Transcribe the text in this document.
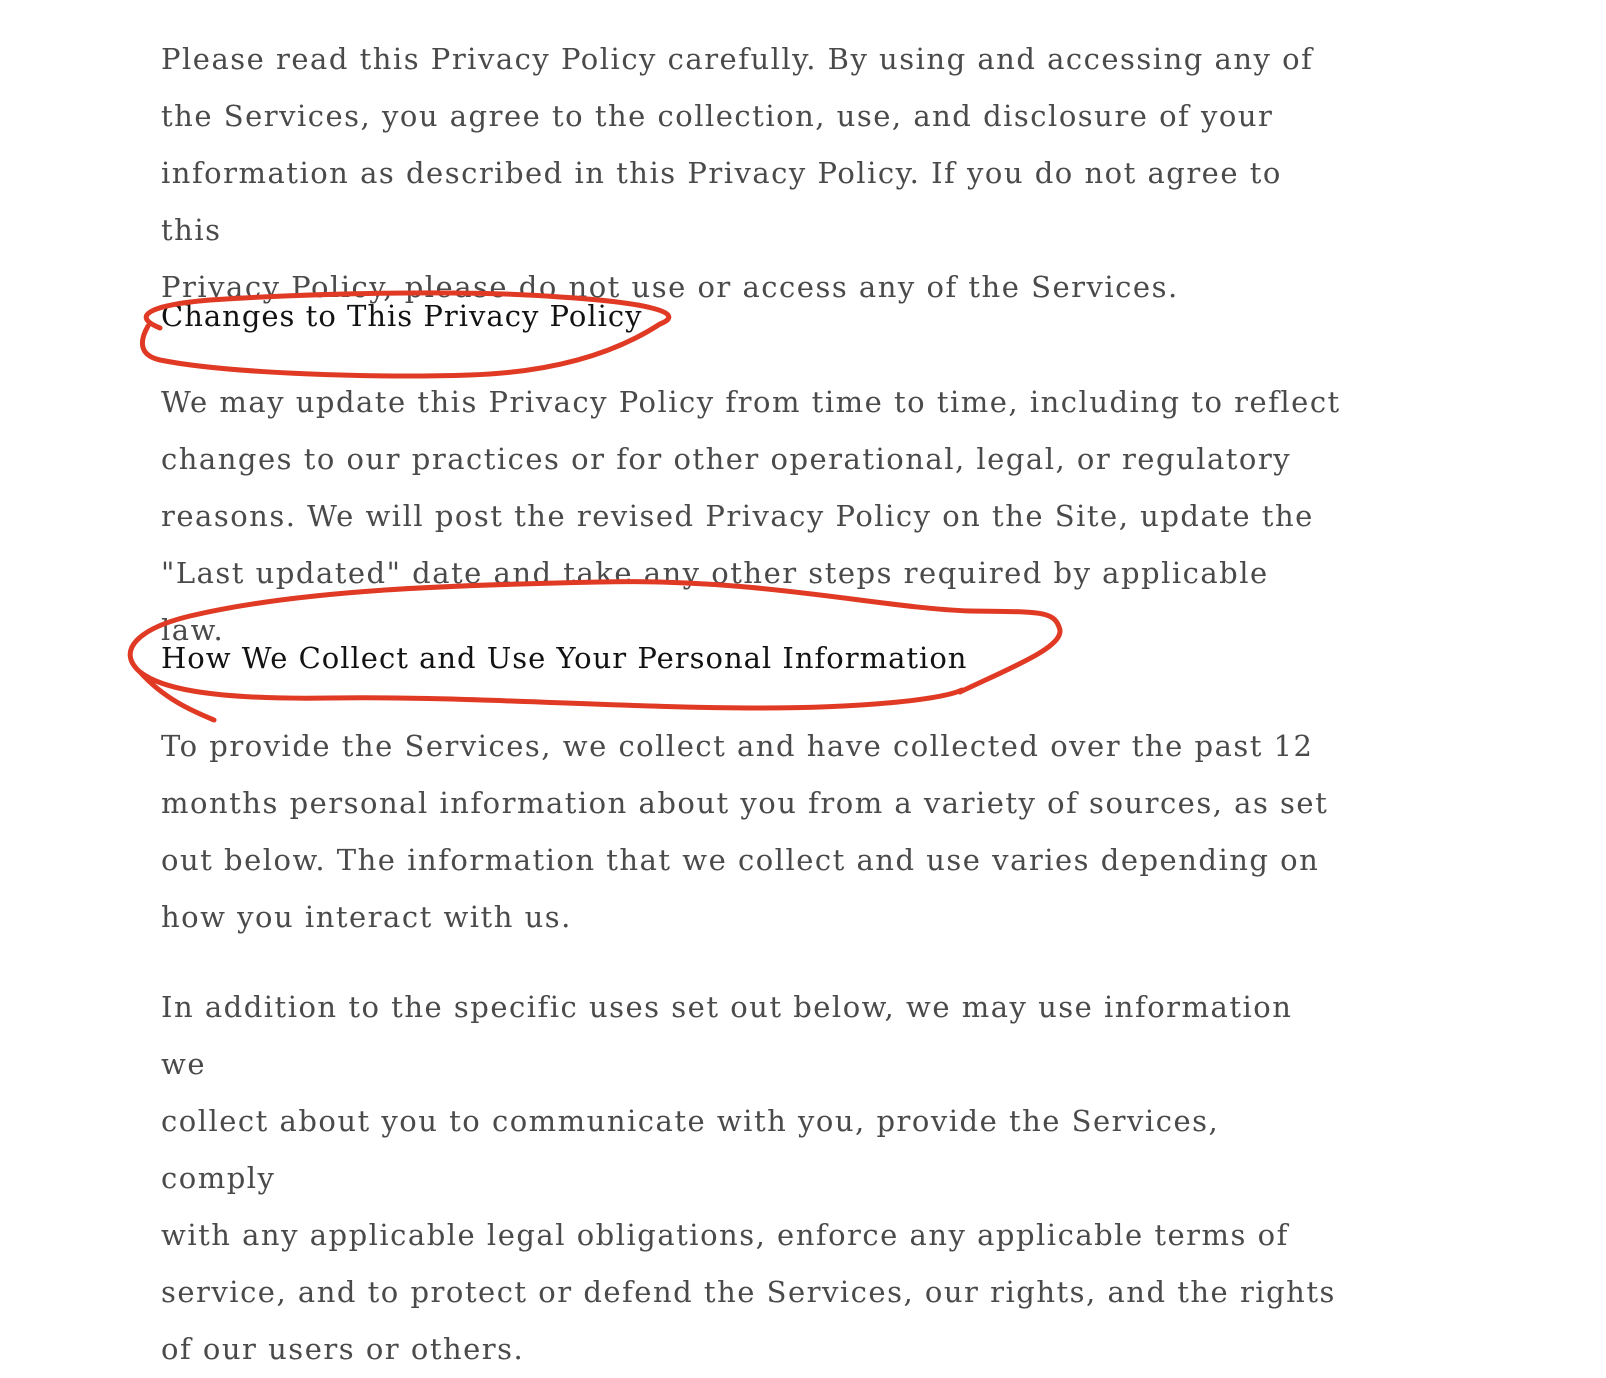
Please read this Privacy Policy carefully. By using and accessing any of
the Services, you agree to the collection, use, and disclosure of your
information as described in this Privacy Policy. If you do not agree to this
Privacy Policy, please do not use or access any of the Services.

Changes to This Privacy Policy

We may update this Privacy Policy from time to time, including to reflect
changes to our practices or for other operational, legal, or regulatory
reasons. We will post the revised Privacy Policy on the Site, update the
"Last updated" date and take any other steps required by applicable law.

How We Collect and Use Your Personal Information

To provide the Services, we collect and have collected over the past 12
months personal information about you from a variety of sources, as set
out below. The information that we collect and use varies depending on
how you interact with us.

In addition to the specific uses set out below, we may use information we
collect about you to communicate with you, provide the Services, comply
with any applicable legal obligations, enforce any applicable terms of
service, and to protect or defend the Services, our rights, and the rights
of our users or others.
